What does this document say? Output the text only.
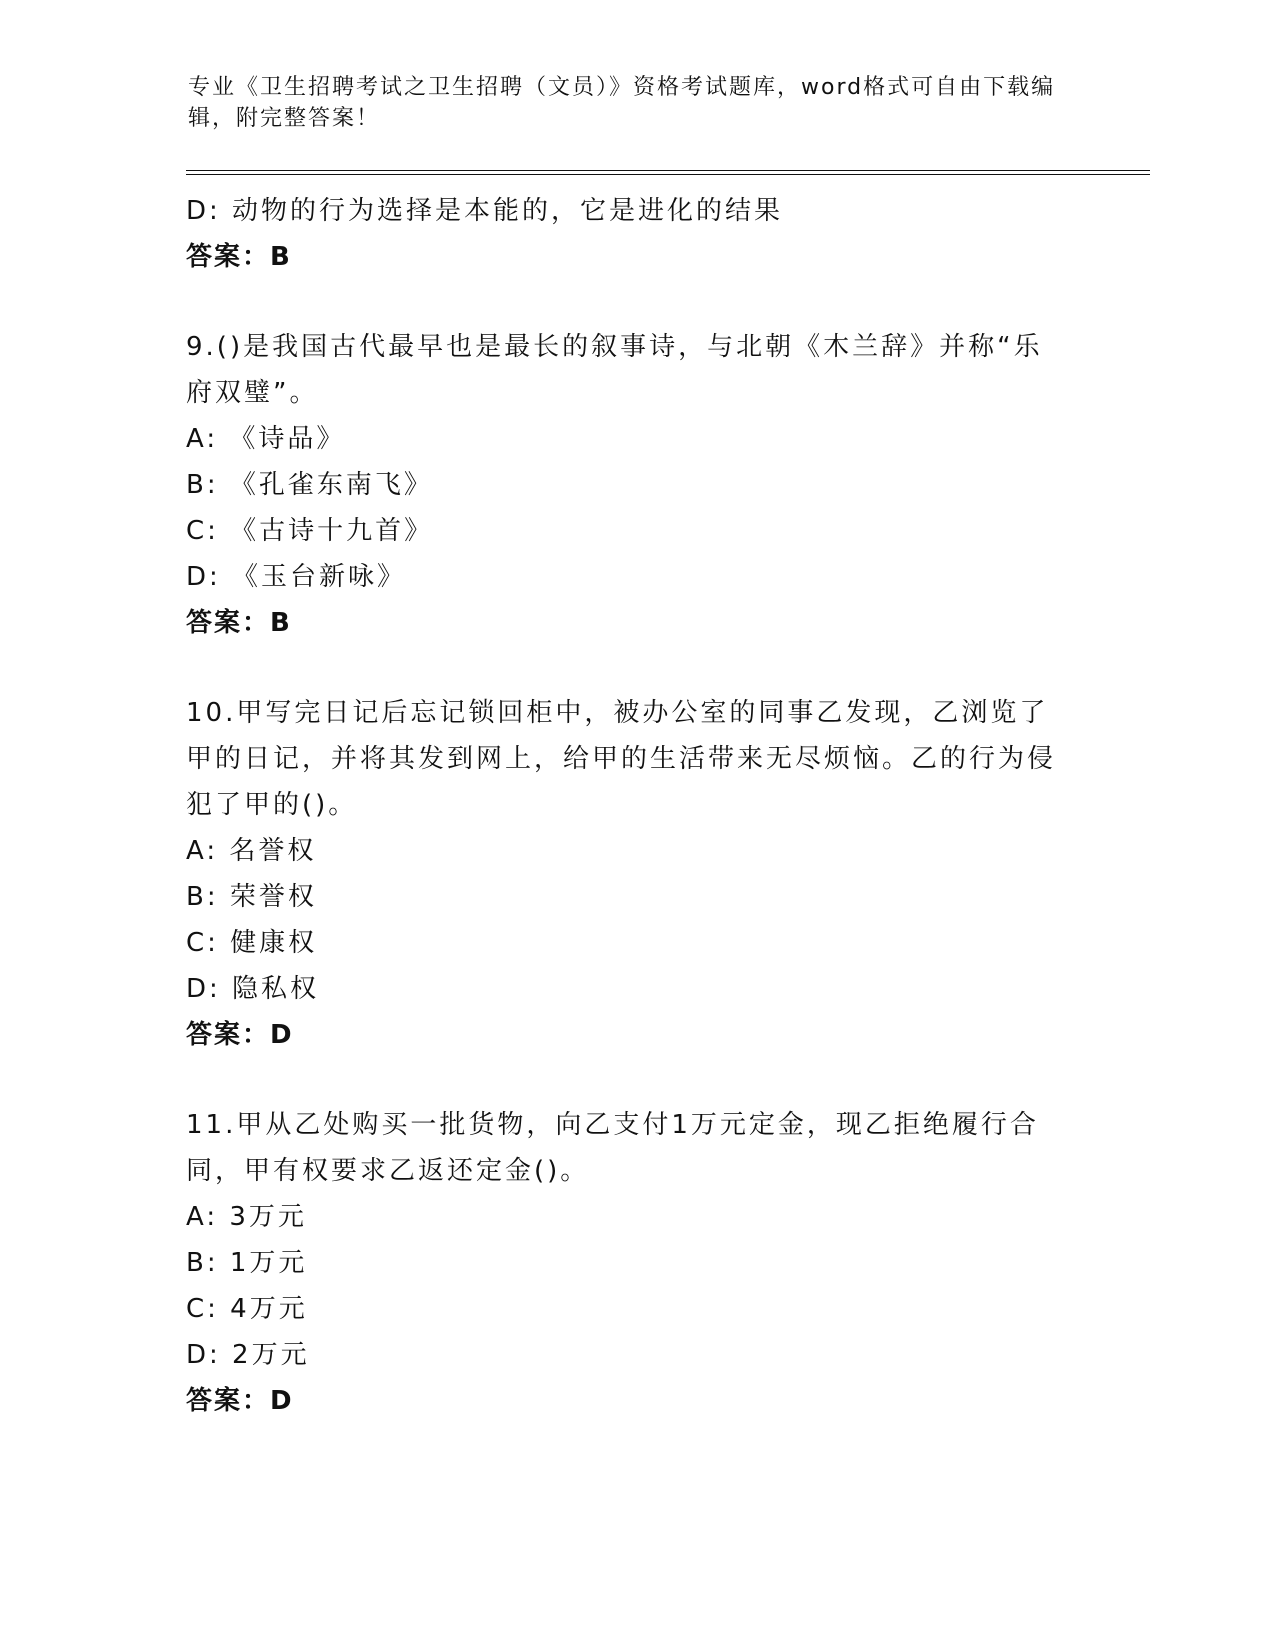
专业《卫生招聘考试之卫生招聘（文员）》资格考试题库，word格式可自由下载编辑，附完整答案！
D: 动物的行为选择是本能的，它是进化的结果
答案：B
9.()是我国古代最早也是最长的叙事诗，与北朝《木兰辞》并称“乐府双璧”。
A: 《诗品》
B: 《孔雀东南飞》
C: 《古诗十九首》
D: 《玉台新咏》
答案：B
10.甲写完日记后忘记锁回柜中，被办公室的同事乙发现，乙浏览了甲的日记，并将其发到网上，给甲的生活带来无尽烦恼。乙的行为侵犯了甲的()。
A: 名誉权
B: 荣誉权
C: 健康权
D: 隐私权
答案：D
11.甲从乙处购买一批货物，向乙支付1万元定金，现乙拒绝履行合同，甲有权要求乙返还定金()。
A: 3万元
B: 1万元
C: 4万元
D: 2万元
答案：D
